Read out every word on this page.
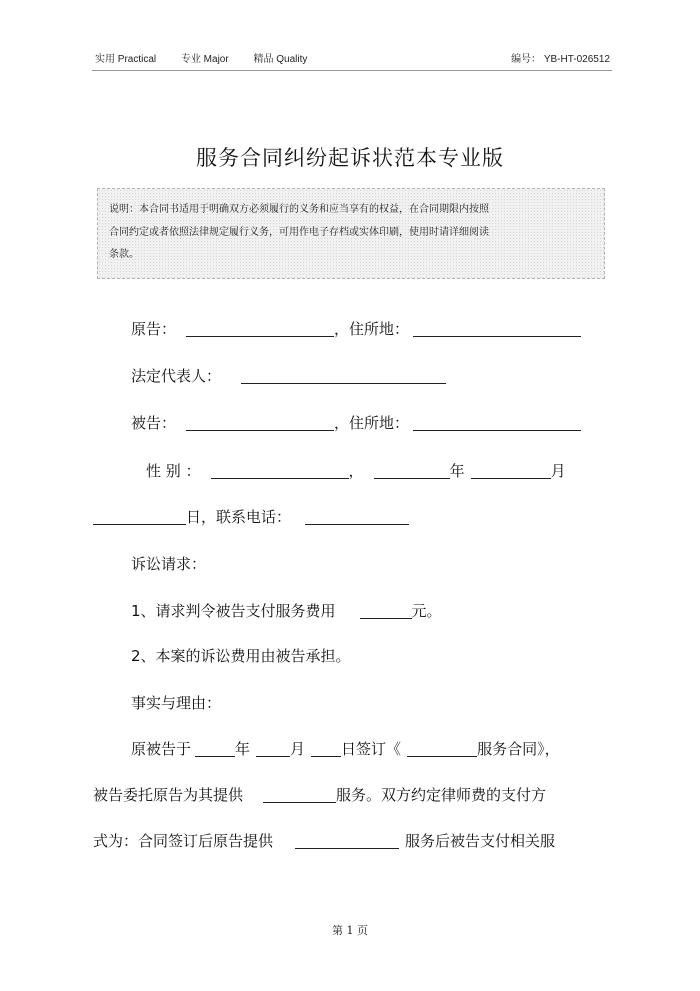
实用 Practical 专业 Major 精品 Quality	编号： YB-HT-026512
服务合同纠纷起诉状范本专业版
说明：本合同书适用于明确双方必须履行的义务和应当享有的权益，在合同期限内按照
合同约定或者依照法律规定履行义务，可用作电子存档或实体印刷，使用时请详细阅读
条款。
原告：	，住所地：
法定代表人：
被告：	，住所地：
性 别 ：	，	年	月
日，联系电话：
诉讼请求：
1、请求判令被告支付服务费用	元。
2、本案的诉讼费用由被告承担。
事实与理由：
原被告于	年	月 日签订《	服务合同》，
被告委托原告为其提供	服务。双方约定律师费的支付方
式为：合同签订后原告提供	服务后被告支付相关服
第 1 页
